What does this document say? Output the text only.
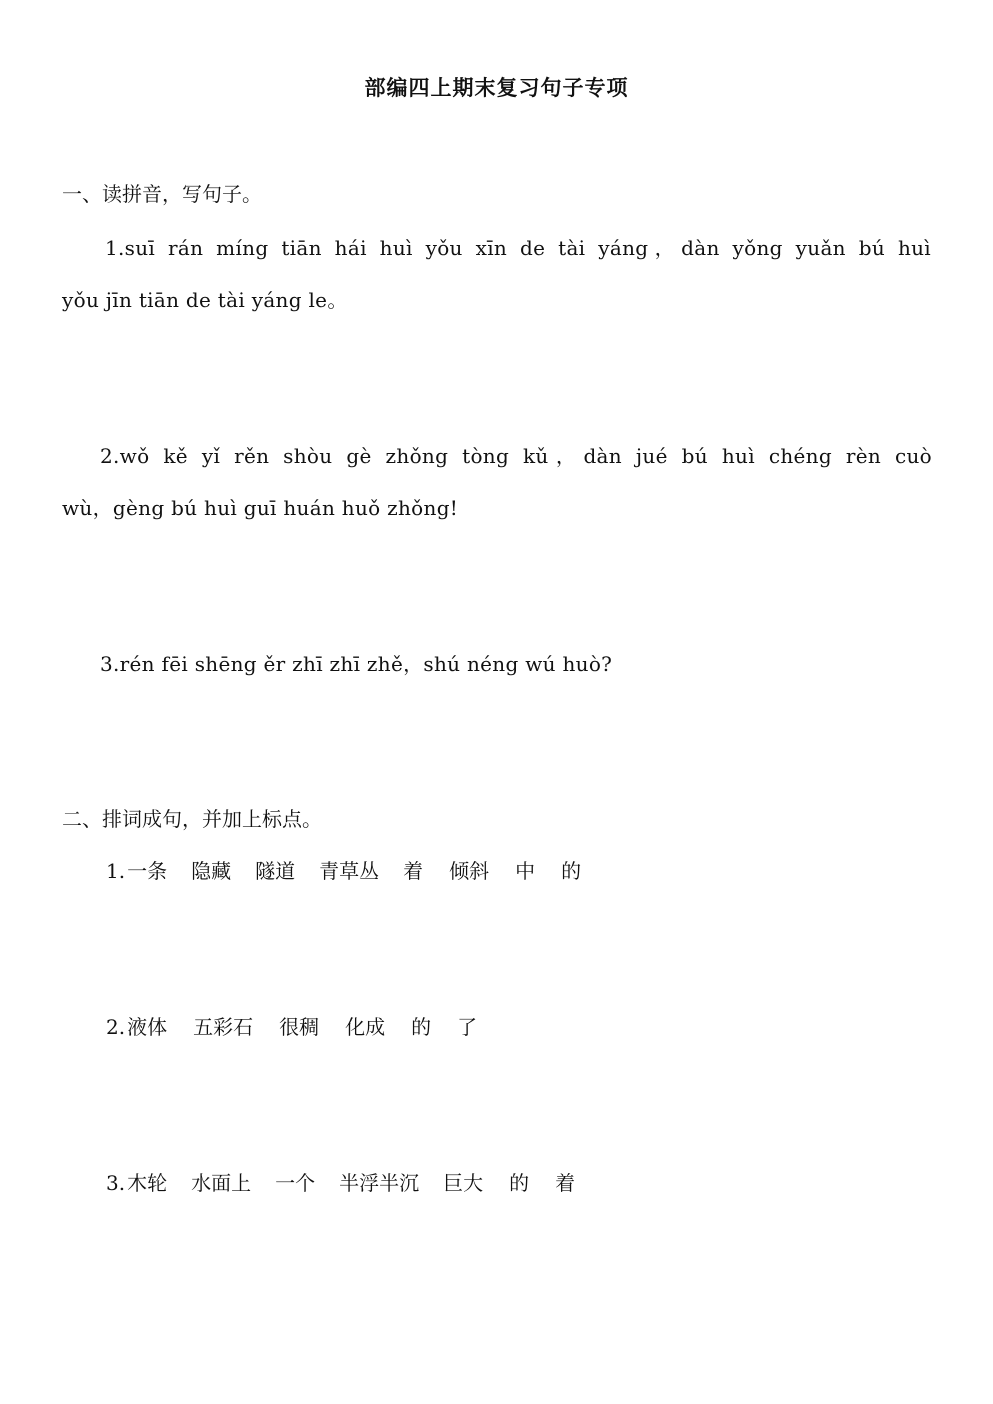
部编四上期末复习句子专项
一、读拼音，写句子。
1.suī rán míng tiān hái huì yǒu xīn de tài yáng，dàn yǒng yuǎn bú huì
yǒu jīn tiān de tài yáng le。
2.wǒ kě yǐ rěn shòu gè zhǒng tòng kǔ，dàn jué bú huì chéng rèn cuò
wù，gèng bú huì guī huán huǒ zhǒng!
3.rén fēi shēng ěr zhī zhī zhě，shú néng wú huò?
二、排词成句，并加上标点。
1. 一条 隐藏 隧道 青草丛 着 倾斜 中 的
2. 液体 五彩石 很稠 化成 的 了
3. 木轮 水面上 一个 半浮半沉 巨大 的 着
